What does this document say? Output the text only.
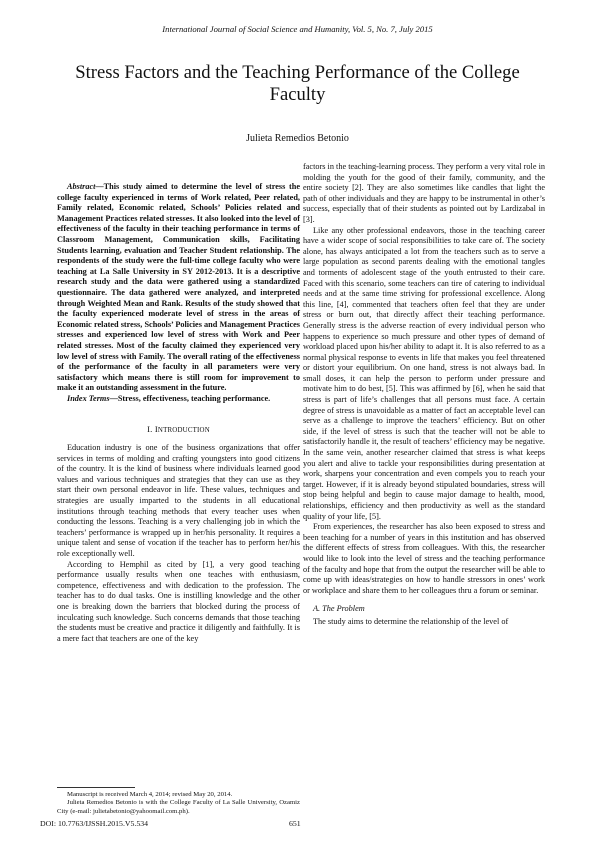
International Journal of Social Science and Humanity, Vol. 5, No. 7, July 2015
Stress Factors and the Teaching Performance of the College Faculty
Julieta Remedios Betonio

Abstract—This study aimed to determine the level of stress the college faculty experienced in terms of Work related, Peer related, Family related, Economic related, Schools’ Policies related and Management Practices related stresses. It also looked into the level of effectiveness of the faculty in their teaching performance in terms of Classroom Management, Communication skills, Facilitating Students learning, evaluation and Teacher Student relationship. The respondents of the study were the full-time college faculty who were teaching at La Salle University in SY 2012-2013. It is a descriptive research study and the data were gathered using a standardized questionnaire. The data gathered were analyzed, and interpreted through Weighted Mean and Rank. Results of the study showed that the faculty experienced moderate level of stress in the areas of Economic related stress, Schools’ Policies and Management Practices stresses and experienced low level of stress with Work and Peer related stresses. Most of the faculty claimed they experienced very low level of stress with Family. The overall rating of the effectiveness of the performance of the faculty in all parameters were very satisfactory which means there is still room for improvement to make it an outstanding assessment in the future.

Index Terms—Stress, effectiveness, teaching performance.

I. INTRODUCTION

Education industry is one of the business organizations that offer services in terms of molding and crafting youngsters into good citizens of the country. It is the kind of business where individuals learned good values and various techniques and strategies that they can use as they start their own personal endeavor in life. These values, techniques and strategies are usually imparted to the students in all educational institutions through teaching methods that every teacher uses when conducting the lessons. Teaching is a very challenging job in which the teachers’ performance is wrapped up in her/his personality. It requires a unique talent and sense of vocation if the teacher has to perform her/his role exceptionally well.

According to Hemphil as cited by [1], a very good teaching performance usually results when one teaches with enthusiasm, competence, effectiveness and with dedication to the profession. The teacher has to do dual tasks. One is instilling knowledge and the other one is breaking down the barriers that blocked during the process of inculcating such knowledge. Such concerns demands that those teaching the students must be creative and practice it diligently and faithfully. It is a mere fact that teachers are one of the key

factors in the teaching-learning process. They perform a very vital role in molding the youth for the good of their family, community, and the entire society [2]. They are also sometimes like candles that light the path of other individuals and they are happy to be instrumental in other’s success, especially that of their students as pointed out by Lardizabal in [3].

Like any other professional endeavors, those in the teaching career have a wider scope of social responsibilities to take care of. The society alone, has always anticipated a lot from the teachers such as to serve a large population as second parents dealing with the emotional tangles and torments of adolescent stage of the youth entrusted to their care. Faced with this scenario, some teachers can tire of catering to individual needs and at the same time striving for professional excellence. Along this line, [4], commented that teachers often feel that they are under stress or burn out, that directly affect their teaching performance. Generally stress is the adverse reaction of every individual person who happens to experience so much pressure and other types of demand of workload placed upon his/her ability to adapt it. It is also referred to as a normal physical response to events in life that makes you feel threatened or distort your equilibrium. On one hand, stress is not always bad. In small doses, it can help the person to perform under pressure and motivate him to do best, [5]. This was affirmed by [6], when he said that stress is part of life’s challenges that all persons must face. A certain degree of stress is unavoidable as a matter of fact an acceptable level can serve as a challenge to improve the teachers’ efficiency. But on other side, if the level of stress is such that the teacher will not be able to satisfactorily handle it, the result of teachers’ efficiency may be negative. In the same vein, another researcher claimed that stress is what keeps you alert and alive to tackle your responsibilities during presentation at work, sharpens your concentration and even compels you to reach your target. However, if it is already beyond stipulated boundaries, stress will stop being helpful and begin to cause major damage to health, mood, relationships, efficiency and then productivity as well as the standard quality of your life, [5].

From experiences, the researcher has also been exposed to stress and been teaching for a number of years in this institution and has observed the different effects of stress from colleagues. With this, the researcher would like to look into the level of stress and the teaching performance of the faculty and hope that from the output the researcher will be able to come up with ideas/strategies on how to handle stressors in ones’ work or workplace and share them to her colleagues thru a forum or seminar.

A. The Problem

The study aims to determine the relationship of the level of

Manuscript is received March 4, 2014; revised May 20, 2014.

Julieta Remedios Betonio is with the College Faculty of La Salle University, Ozamiz City (e-mail: julietabetonio@yahoomail.com.ph).

DOI: 10.7763/IJSSH.2015.V5.534	651
